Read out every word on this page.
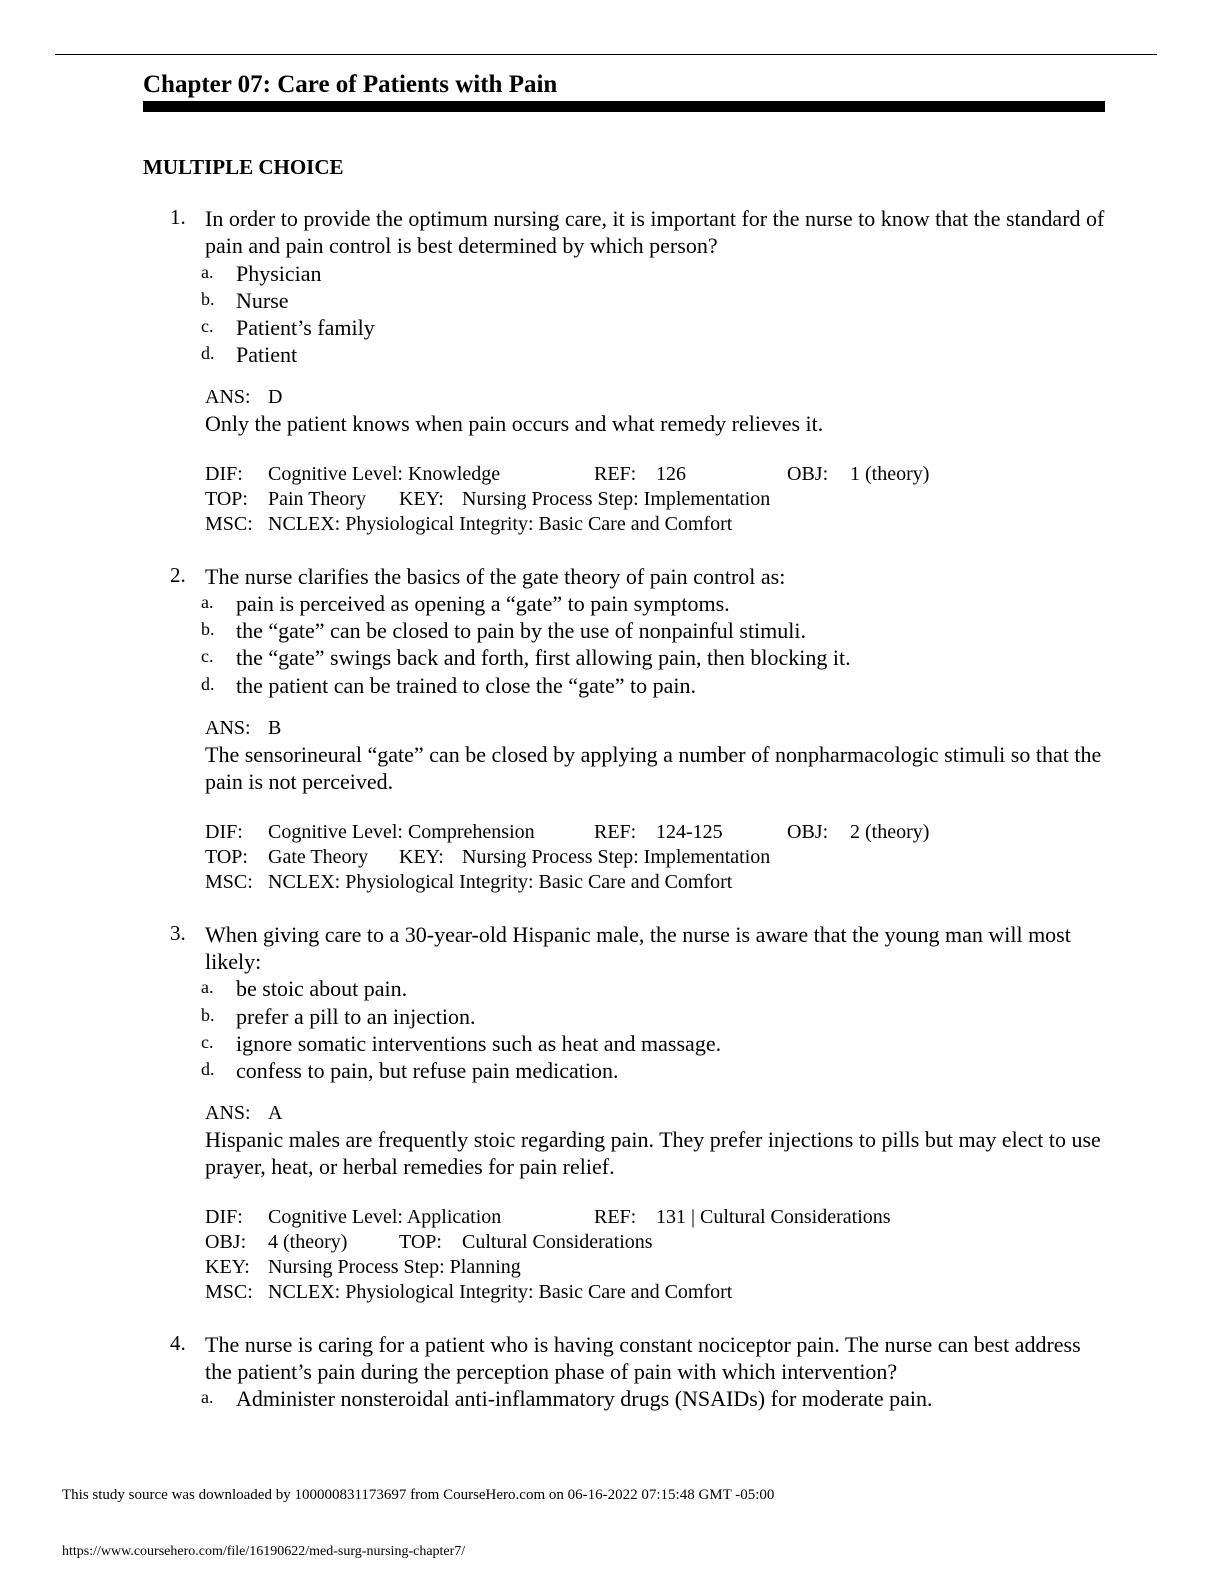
Chapter 07: Care of Patients with Pain
MULTIPLE CHOICE
1. In order to provide the optimum nursing care, it is important for the nurse to know that the standard of pain and pain control is best determined by which person?
a. Physician
b. Nurse
c. Patient’s family
d. Patient
ANS: D
Only the patient knows when pain occurs and what remedy relieves it.
DIF: Cognitive Level: Knowledge	REF: 126	OBJ: 1 (theory)
TOP: Pain Theory KEY: Nursing Process Step: Implementation
MSC: NCLEX: Physiological Integrity: Basic Care and Comfort
2. The nurse clarifies the basics of the gate theory of pain control as:
a. pain is perceived as opening a “gate” to pain symptoms.
b. the “gate” can be closed to pain by the use of nonpainful stimuli.
c. the “gate” swings back and forth, first allowing pain, then blocking it.
d. the patient can be trained to close the “gate” to pain.
ANS: B
The sensorineural “gate” can be closed by applying a number of nonpharmacologic stimuli so that the pain is not perceived.
DIF: Cognitive Level: Comprehension	REF: 124-125	OBJ: 2 (theory)
TOP: Gate Theory KEY: Nursing Process Step: Implementation
MSC: NCLEX: Physiological Integrity: Basic Care and Comfort
3. When giving care to a 30-year-old Hispanic male, the nurse is aware that the young man will most likely:
a. be stoic about pain.
b. prefer a pill to an injection.
c. ignore somatic interventions such as heat and massage.
d. confess to pain, but refuse pain medication.
ANS: A
Hispanic males are frequently stoic regarding pain. They prefer injections to pills but may elect to use prayer, heat, or herbal remedies for pain relief.
DIF: Cognitive Level: Application	REF: 131 | Cultural Considerations
OBJ: 4 (theory)	TOP: Cultural Considerations
KEY: Nursing Process Step: Planning
MSC: NCLEX: Physiological Integrity: Basic Care and Comfort
4. The nurse is caring for a patient who is having constant nociceptor pain. The nurse can best address the patient’s pain during the perception phase of pain with which intervention?
a. Administer nonsteroidal anti-inflammatory drugs (NSAIDs) for moderate pain.
This study source was downloaded by 100000831173697 from CourseHero.com on 06-16-2022 07:15:48 GMT -05:00
https://www.coursehero.com/file/16190622/med-surg-nursing-chapter7/
